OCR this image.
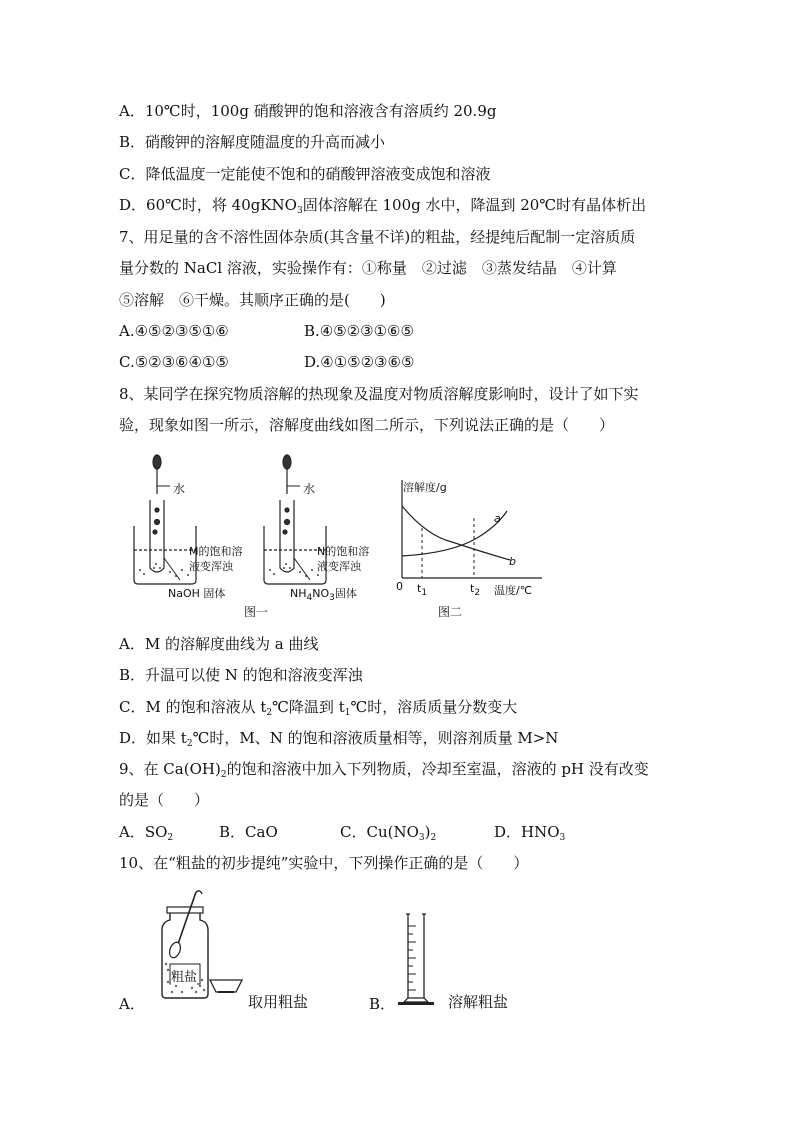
A．10℃时，100g 硝酸钾的饱和溶液含有溶质约 20.9g
B．硝酸钾的溶解度随温度的升高而减小
C．降低温度一定能使不饱和的硝酸钾溶液变成饱和溶液
D．60℃时，将 40gKNO$_3$固体溶解在 100g 水中，降温到 20℃时有晶体析出
7、用足量的含不溶性固体杂质(其含量不详)的粗盐，经提纯后配制一定溶质质
量分数的 NaCl 溶液，实验操作有：①称量　②过滤　③蒸发结晶　④计算
⑤溶解　⑥干燥。其顺序正确的是(　　)
A.④⑤②③⑤①⑥	B.④⑤②③①⑥⑤
C.⑤②③⑥④①⑤	D.④①⑤②③⑥⑤
8、某同学在探究物质溶解的热现象及温度对物质溶解度影响时，设计了如下实
验，现象如图一所示，溶解度曲线如图二所示，下列说法正确的是（　　）
水	水
M的饱和溶
液变浑浊
N的饱和溶
液变浑浊
NaOH 固体	$NH_4NO_3$固体
图一
溶解度/g
温度/℃
0 $t_1$	$t_2$
a
b
图二
A．M 的溶解度曲线为 a 曲线
B．升温可以使 N 的饱和溶液变浑浊
C．M 的饱和溶液从 $t_2℃$降温到 $t_1℃$时，溶质质量分数变大
D．如果 $t_2℃$时，M、N 的饱和溶液质量相等，则溶剂质量 M>N
9、在 $Ca(OH)_2$的饱和溶液中加入下列物质，冷却至室温，溶液的 pH 没有改变
的是（　　）
A．$SO_2$	B．CaO	C．$Cu(NO_3)_2$	D．$HNO_3$
10、在“粗盐的初步提纯”实验中，下列操作正确的是（　　）
粗盐
A．	取用粗盐	B．	溶解粗盐
